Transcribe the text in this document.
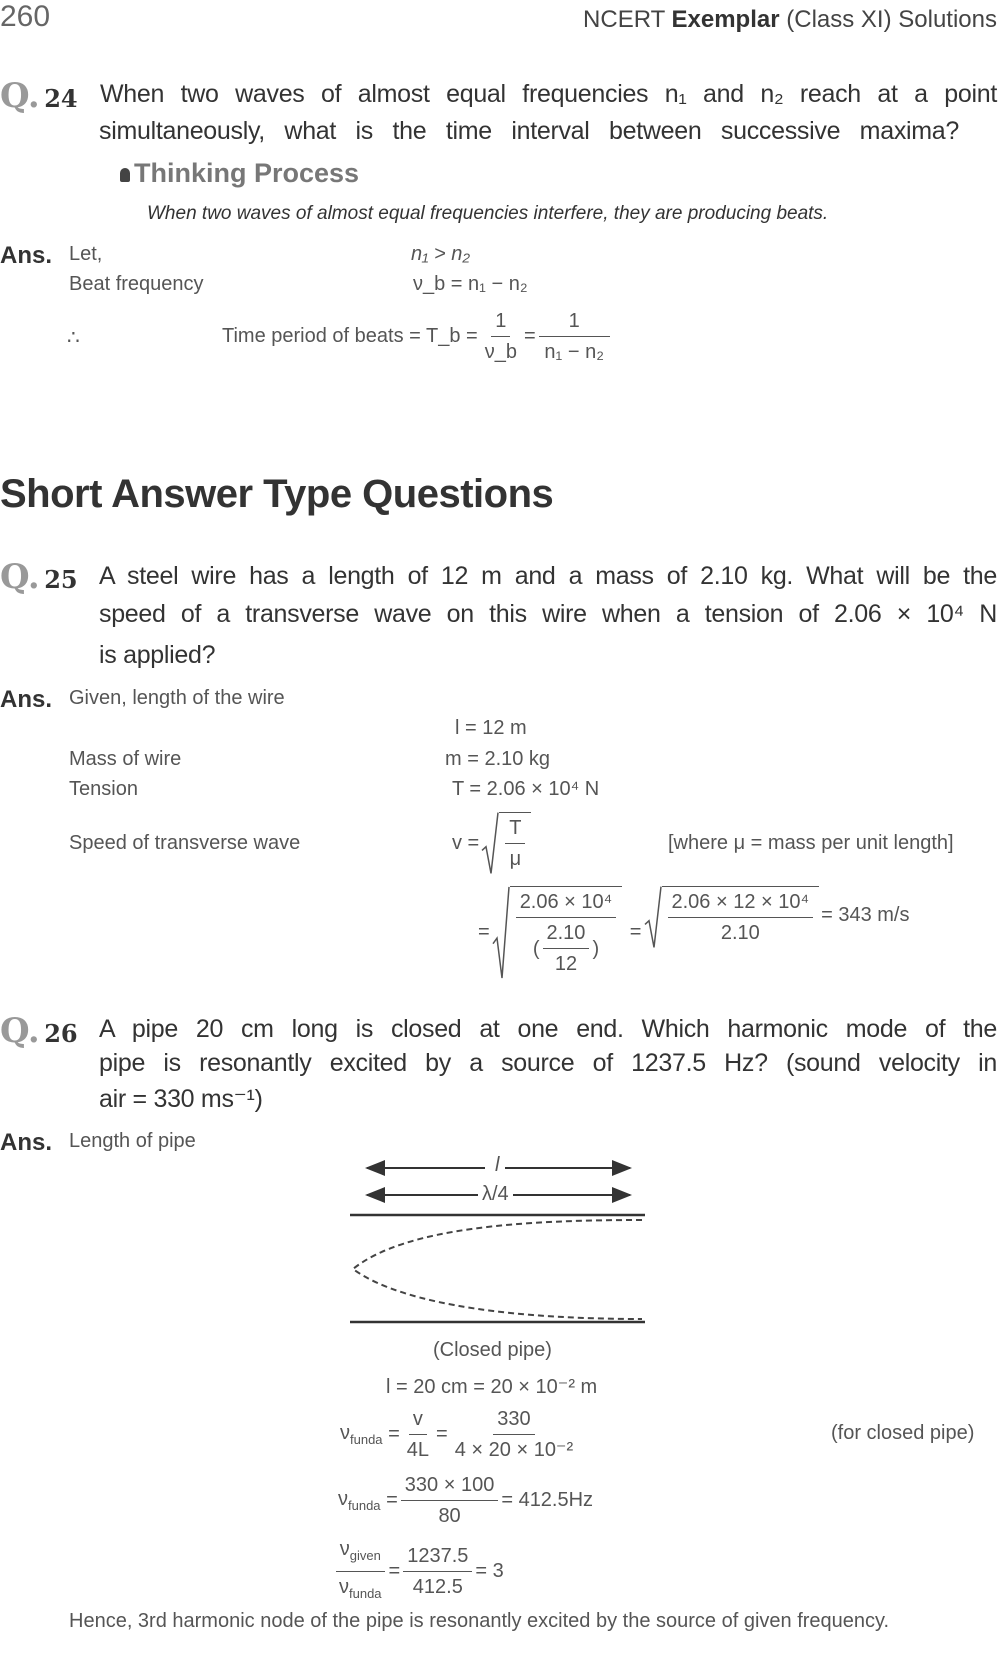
260	NCERT Exemplar (Class XI) Solutions
Q. 24 When two waves of almost equal frequencies n₁ and n₂ reach at a point
simultaneously, what is the time interval between successive maxima?
Thinking Process
When two waves of almost equal frequencies interfere, they are producing beats.
Ans. Let,	n₁ > n₂
Beat frequency	ν_b = n₁ − n₂
∴	Time period of beats = T_b = $\frac{1}{\nu\_b} = \frac{1}{\text{n₁ − n₂}}$
Short Answer Type Questions
Q. 25 A steel wire has a length of 12 m and a mass of 2.10 kg. What will be the
speed of a transverse wave on this wire when a tension of 2.06 × 10⁴ N
is applied?
Ans. Given, length of the wire
l = 12 m
Mass of wire	m = 2.10 kg
Tension	T = 2.06 × 10⁴ N
Speed of transverse wave	$v = \frac{T}{\mu}$	[where μ = mass per unit length]
= $\frac{\text{2.06 × 10⁴}}{( \frac{2.10}{12} )} = \frac{\text{2.06 × 12 × 10⁴}}{2.10} = 343$ m/s
Q. 26 A pipe 20 cm long is closed at one end. Which harmonic mode of the
pipe is resonantly excited by a source of 1237.5 Hz? (sound velocity in
air = 330 ms⁻¹)
Ans. Length of pipe
l
λ/4
(Closed pipe)
l = 20 cm = 20 × 10⁻² m
$\nu_{funda} = \frac{v}{4L} = \frac{330}{\text{4 × 20 × 10⁻²}}$	(for closed pipe)
$\nu_{funda} = \frac{330 \times 100}{80} = 412.5Hz$
$\frac{\nu_{given}}{\nu_{funda}} = \frac{1237.5}{412.5} = 3$
Hence, 3rd harmonic node of the pipe is resonantly excited by the source of given frequency.
